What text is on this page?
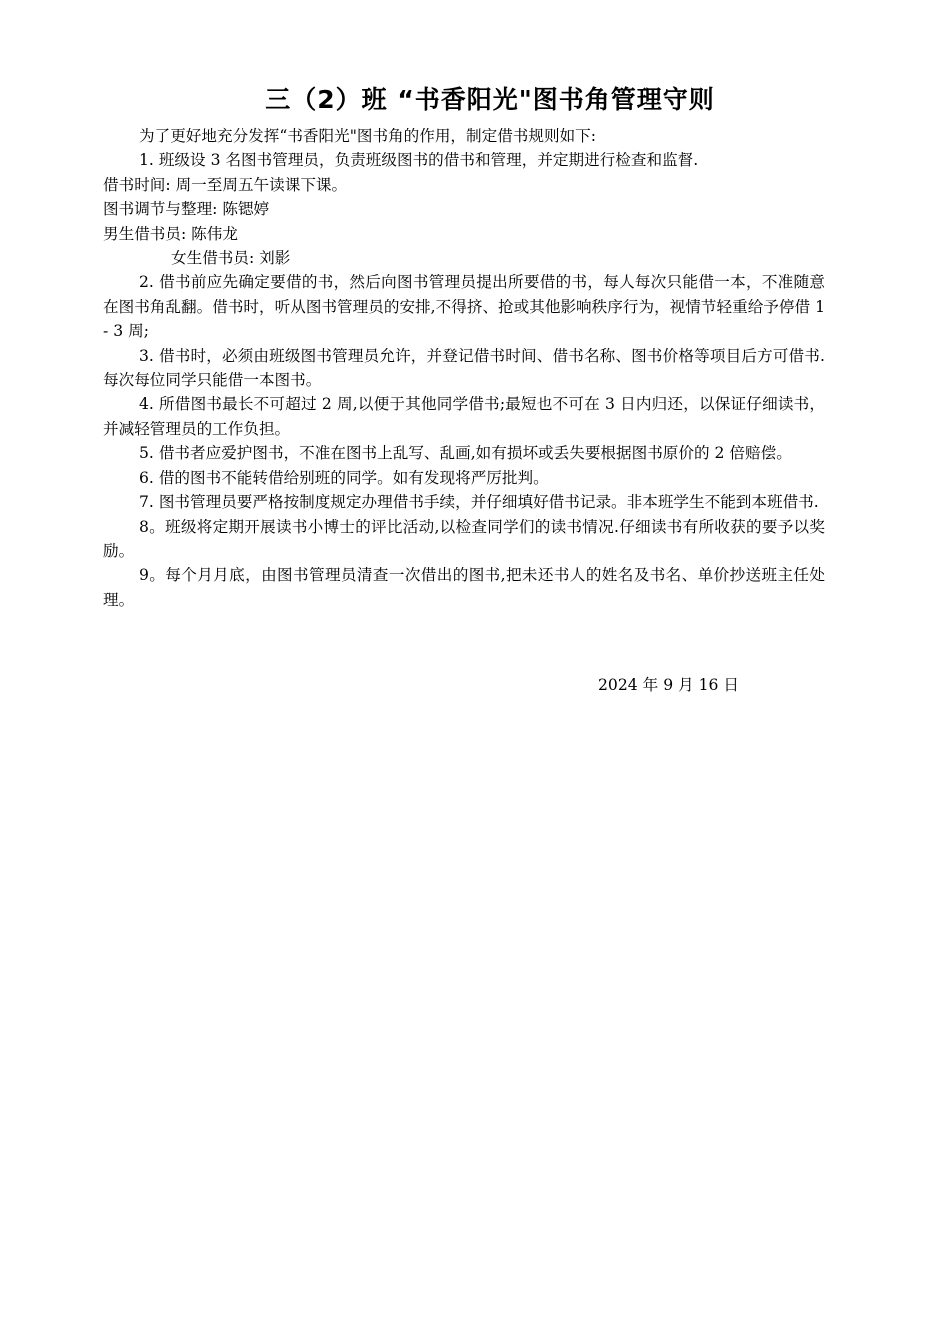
三（2）班 “书香阳光"图书角管理守则

为了更好地充分发挥“书香阳光"图书角的作用，制定借书规则如下:

1. 班级设 3 名图书管理员，负责班级图书的借书和管理，并定期进行检查和监督.

借书时间: 周一至周五午读课下课。

图书调节与整理: 陈锶婷

男生借书员: 陈伟龙

女生借书员: 刘影

2. 借书前应先确定要借的书，然后向图书管理员提出所要借的书，每人每次只能借一本，不准随意在图书角乱翻。借书时，听从图书管理员的安排,不得挤、抢或其他影响秩序行为，视情节轻重给予停借 1 - 3 周;

3. 借书时，必须由班级图书管理员允许，并登记借书时间、借书名称、图书价格等项目后方可借书.每次每位同学只能借一本图书。

4. 所借图书最长不可超过 2 周,以便于其他同学借书;最短也不可在 3 日内归还，以保证仔细读书，并减轻管理员的工作负担。

5. 借书者应爱护图书，不准在图书上乱写、乱画,如有损坏或丢失要根据图书原价的 2 倍赔偿。

6. 借的图书不能转借给别班的同学。如有发现将严厉批判。

7. 图书管理员要严格按制度规定办理借书手续，并仔细填好借书记录。非本班学生不能到本班借书.

8。班级将定期开展读书小博士的评比活动,以检查同学们的读书情况.仔细读书有所收获的要予以奖励。

9。每个月月底，由图书管理员清查一次借出的图书,把未还书人的姓名及书名、单价抄送班主任处理。

2024 年 9 月 16 日
